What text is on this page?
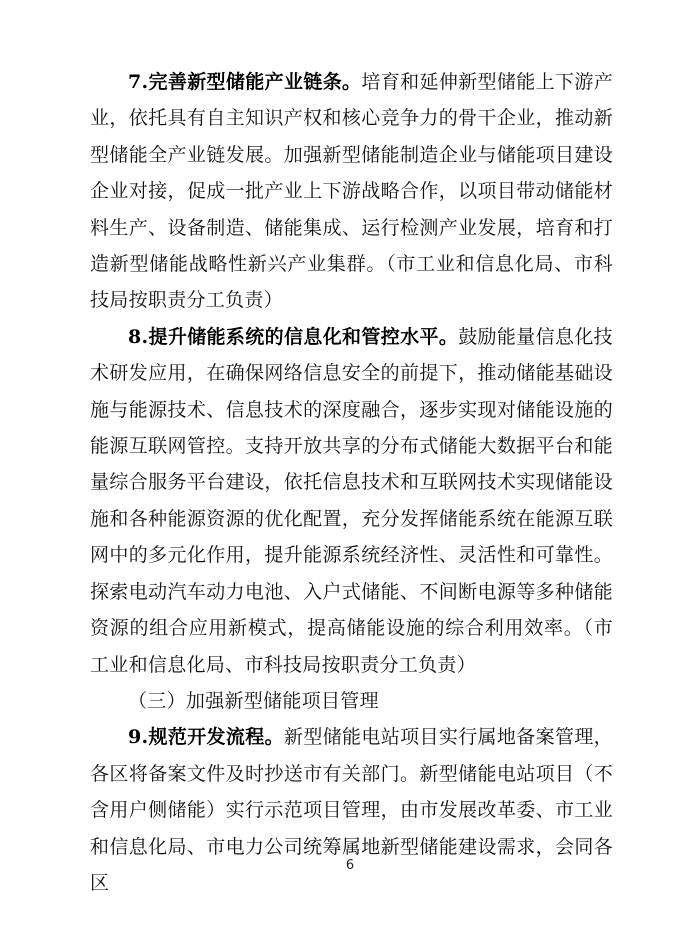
7.完善新型储能产业链条。培育和延伸新型储能上下游产业，依托具有自主知识产权和核心竞争力的骨干企业，推动新型储能全产业链发展。加强新型储能制造企业与储能项目建设企业对接，促成一批产业上下游战略合作，以项目带动储能材料生产、设备制造、储能集成、运行检测产业发展，培育和打造新型储能战略性新兴产业集群。（市工业和信息化局、市科技局按职责分工负责）

8.提升储能系统的信息化和管控水平。鼓励能量信息化技术研发应用，在确保网络信息安全的前提下，推动储能基础设施与能源技术、信息技术的深度融合，逐步实现对储能设施的能源互联网管控。支持开放共享的分布式储能大数据平台和能量综合服务平台建设，依托信息技术和互联网技术实现储能设施和各种能源资源的优化配置，充分发挥储能系统在能源互联网中的多元化作用，提升能源系统经济性、灵活性和可靠性。探索电动汽车动力电池、入户式储能、不间断电源等多种储能资源的组合应用新模式，提高储能设施的综合利用效率。（市工业和信息化局、市科技局按职责分工负责）

（三）加强新型储能项目管理

9.规范开发流程。新型储能电站项目实行属地备案管理，各区将备案文件及时抄送市有关部门。新型储能电站项目（不含用户侧储能）实行示范项目管理，由市发展改革委、市工业和信息化局、市电力公司统筹属地新型储能建设需求，会同各区

6
